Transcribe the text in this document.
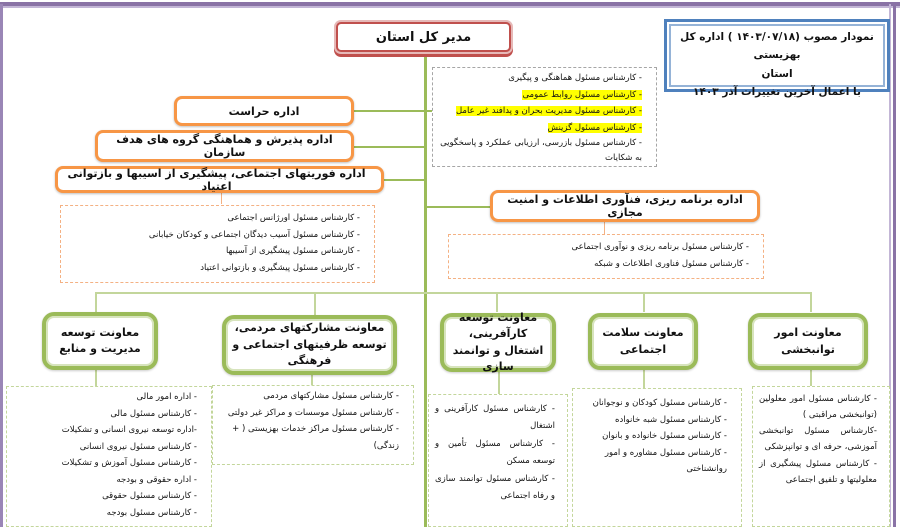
نمودار مصوب (۱۴۰۳/۰۷/۱۸ ) اداره کل بهزیستی
استان
با اعمال آخرین تغییرات آذر ۱۴۰۳
مدیر کل استان
- کارشناس مسئول هماهنگی و پیگیری
- کارشناس مسئول روابط عمومی
- کارشناس مسئول مدیریت بحران و پدافند غیر عامل
- کارشناس مسئول گزینش
- کارشناس مسئول بازرسی، ارزیابی عملکرد و پاسخگویی به شکایات
اداره حراست
اداره پذیرش و هماهنگی گروه های هدف سازمان
اداره فوریتهای اجتماعی، پیشگیری از اسیبها و بازتوانی اعتیاد
اداره برنامه ریزی، فنآوری اطلاعات و امنیت مجازی
- کارشناس مسئول اورژانس اجتماعی
- کارشناس مسئول آسیب دیدگان اجتماعی و کودکان خیابانی
- کارشناس مسئول پیشگیری از آسیبها
- کارشناس مسئول پیشگیری و بازتوانی اعتیاد
- کارشناس مسئول برنامه ریزی و نوآوری اجتماعی
- کارشناس مسئول فناوری اطلاعات و شبکه
معاونت امور توانبخشی
معاونت سلامت اجتماعی
معاونت توسعه کارآفرینی، اشتغال و توانمند سازی
معاونت مشارکتهای مردمی، توسعه ظرفیتهای اجتماعی و فرهنگی
معاونت توسعه مدیریت و منابع
- کارشناس مسئول امور معلولین (توانبخشی مراقبتی )
-کارشناس مسئول توانبخشی آموزشی، حرفه ای و توانپزشکی
- کارشناس مسئول پیشگیری از معلولیتها و تلفیق اجتماعی
- کارشناس مسئول کودکان و نوجوانان
- کارشناس مسئول شبه خانواده
- کارشناس مسئول خانواده و بانوان
- کارشناس مسئول مشاوره و امور روانشناختی
- کارشناس مسئول کارآفرینی و اشتغال
- کارشناس مسئول تأمین و توسعه مسکن
- کارشناس مسئول توانمند سازی و رفاه اجتماعی
- کارشناس مسئول مشارکتهای مردمی
- کارشناس مسئول موسسات و مراکز غیر دولتی
- کارشناس مسئول مراکز خدمات بهزیستی ( + زندگی)
- اداره امور مالی
- کارشناس مسئول مالی
-اداره توسعه نیروی انسانی و تشکیلات
- کارشناس مسئول نیروی انسانی
- کارشناس مسئول آموزش و تشکیلات
- اداره حقوقی و بودجه
- کارشناس مسئول حقوقی
- کارشناس مسئول بودجه
